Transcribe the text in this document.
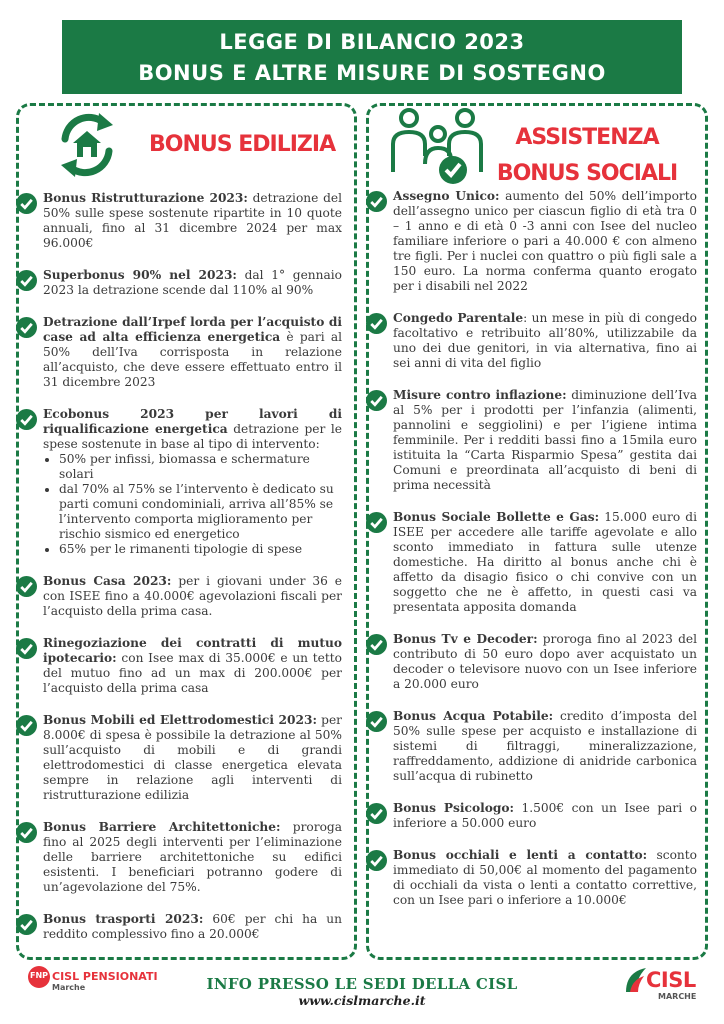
LEGGE DI BILANCIO 2023
BONUS E ALTRE MISURE DI SOSTEGNO
BONUS EDILIZIA
Bonus Ristrutturazione 2023: detrazione del 50% sulle spese sostenute ripartite in 10 quote annuali, fino al 31 dicembre 2024 per max 96.000€
Superbonus 90% nel 2023: dal 1° gennaio 2023 la detrazione scende dal 110% al 90%
Detrazione dall’Irpef lorda per l’acquisto di case ad alta efficienza energetica è pari al 50% dell’Iva corrisposta in relazione all’acquisto, che deve essere effettuato entro il 31 dicembre 2023
Ecobonus 2023 per lavori di riqualificazione energetica detrazione per le spese sostenute in base al tipo di intervento:
• 50% per infissi, biomassa e schermature solari
• dal 70% al 75% se l’intervento è dedicato su parti comuni condominiali, arriva all’85% se l’intervento comporta miglioramento per rischio sismico ed energetico
• 65% per le rimanenti tipologie di spese
Bonus Casa 2023: per i giovani under 36 e con ISEE fino a 40.000€ agevolazioni fiscali per l’acquisto della prima casa.
Rinegoziazione dei contratti di mutuo ipotecario: con Isee max di 35.000€ e un tetto del mutuo fino ad un max di 200.000€ per l’acquisto della prima casa
Bonus Mobili ed Elettrodomestici 2023: per 8.000€ di spesa è possibile la detrazione al 50% sull’acquisto di mobili e di grandi elettrodomestici di classe energetica elevata sempre in relazione agli interventi di ristrutturazione edilizia
Bonus Barriere Architettoniche: proroga fino al 2025 degli interventi per l’eliminazione delle barriere architettoniche su edifici esistenti. I beneficiari potranno godere di un’agevolazione del 75%.
Bonus trasporti 2023: 60€ per chi ha un reddito complessivo fino a 20.000€
ASSISTENZA
BONUS SOCIALI
Assegno Unico: aumento del 50% dell’importo dell’assegno unico per ciascun figlio di età tra 0 – 1 anno e di età 0 -3 anni con Isee del nucleo familiare inferiore o pari a 40.000 € con almeno tre figli. Per i nuclei con quattro o più figli sale a 150 euro. La norma conferma quanto erogato per i disabili nel 2022
Congedo Parentale: un mese in più di congedo facoltativo e retribuito all’80%, utilizzabile da uno dei due genitori, in via alternativa, fino ai sei anni di vita del figlio
Misure contro inflazione: diminuzione dell’Iva al 5% per i prodotti per l’infanzia (alimenti, pannolini e seggiolini) e per l’igiene intima femminile. Per i redditi bassi fino a 15mila euro istituita la “Carta Risparmio Spesa” gestita dai Comuni e preordinata all’acquisto di beni di prima necessità
Bonus Sociale Bollette e Gas: 15.000 euro di ISEE per accedere alle tariffe agevolate e allo sconto immediato in fattura sulle utenze domestiche. Ha diritto al bonus anche chi è affetto da disagio fisico o chi convive con un soggetto che ne è affetto, in questi casi va presentata apposita domanda
Bonus Tv e Decoder: proroga fino al 2023 del contributo di 50 euro dopo aver acquistato un decoder o televisore nuovo con un Isee inferiore a 20.000 euro
Bonus Acqua Potabile: credito d’imposta del 50% sulle spese per acquisto e installazione di sistemi di filtraggi, mineralizzazione, raffreddamento, addizione di anidride carbonica sull’acqua di rubinetto
Bonus Psicologo: 1.500€ con un Isee pari o inferiore a 50.000 euro
Bonus occhiali e lenti a contatto: sconto immediato di 50,00€ al momento del pagamento di occhiali da vista o lenti a contatto correttive, con un Isee pari o inferiore a 10.000€
FNP CISL PENSIONATI
Marche	INFO PRESSO LE SEDI DELLA CISL
www.cislmarche.it
CISL
MARCHE
